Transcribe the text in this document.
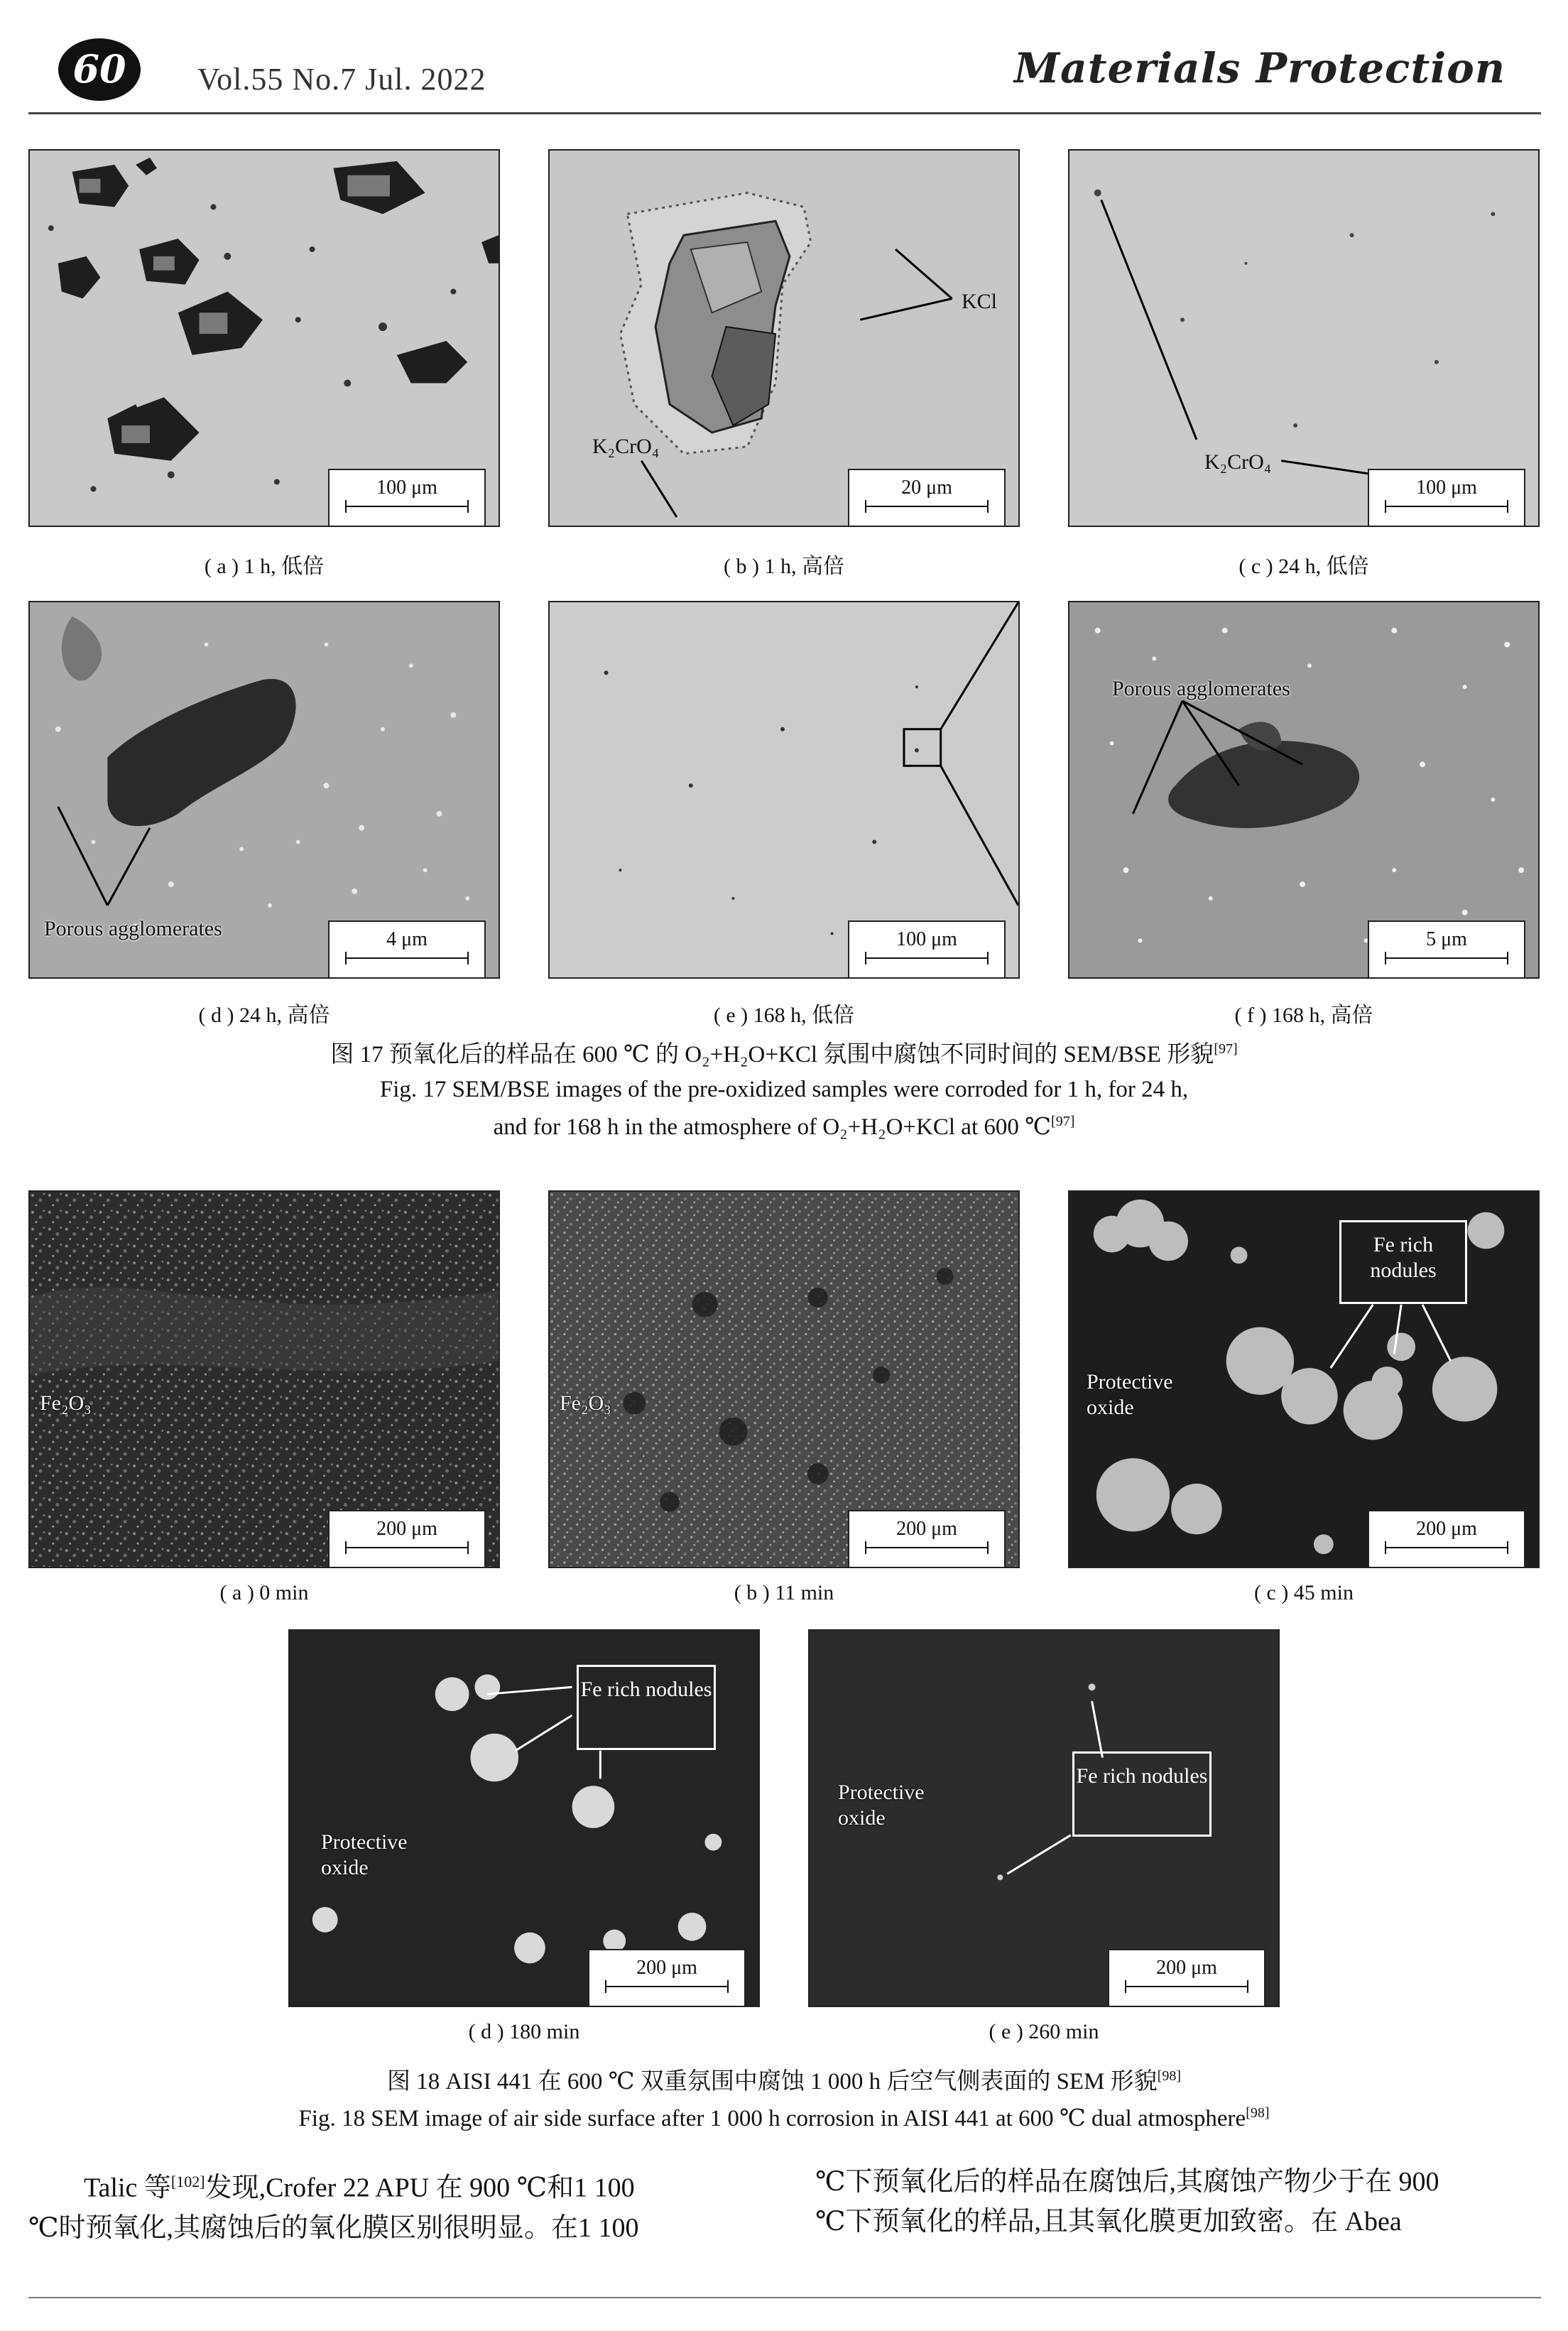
60 Vol.55 No.7 Jul. 2022	Materials Protection
100 μm
KCl
K₂CrO₄
20 μm
K₂CrO₄
100 μm
( a ) 1 h, 低倍	( b ) 1 h, 高倍	( c ) 24 h, 低倍
Porous agglomerates	4 μm	100 μm
Porous agglomerates
5 μm
( d ) 24 h, 高倍	( e ) 168 h, 低倍	( f ) 168 h, 高倍
图 17 预氧化后的样品在 600 ℃ 的 O₂+H₂O+KCl 氛围中腐蚀不同时间的 SEM/BSE 形貌[97]
Fig. 17 SEM/BSE images of the pre-oxidized samples were corroded for 1 h, for 24 h,
and for 168 h in the atmosphere of O₂+H₂O+KCl at 600 ℃[97]
Fe₂O₃
200 μm
Fe₂O₃
200 μm
Fe rich nodules
Protective oxide
200 μm
( a ) 0 min	( b ) 11 min	( c ) 45 min
Fe rich nodules
Protective oxide
200 μm
Fe rich nodules
Protective oxide
200 μm
( d ) 180 min	( e ) 260 min
图 18 AISI 441 在 600 ℃ 双重氛围中腐蚀 1 000 h 后空气侧表面的 SEM 形貌[98]
Fig. 18 SEM image of air side surface after 1 000 h corrosion in AISI 441 at 600 ℃ dual atmosphere[98]
Talic 等[102]发现,Crofer 22 APU 在 900 ℃和1 100
℃时预氧化,其腐蚀后的氧化膜区别很明显。在1 100
℃下预氧化后的样品在腐蚀后,其腐蚀产物少于在 900
℃下预氧化的样品,且其氧化膜更加致密。在 Abea
